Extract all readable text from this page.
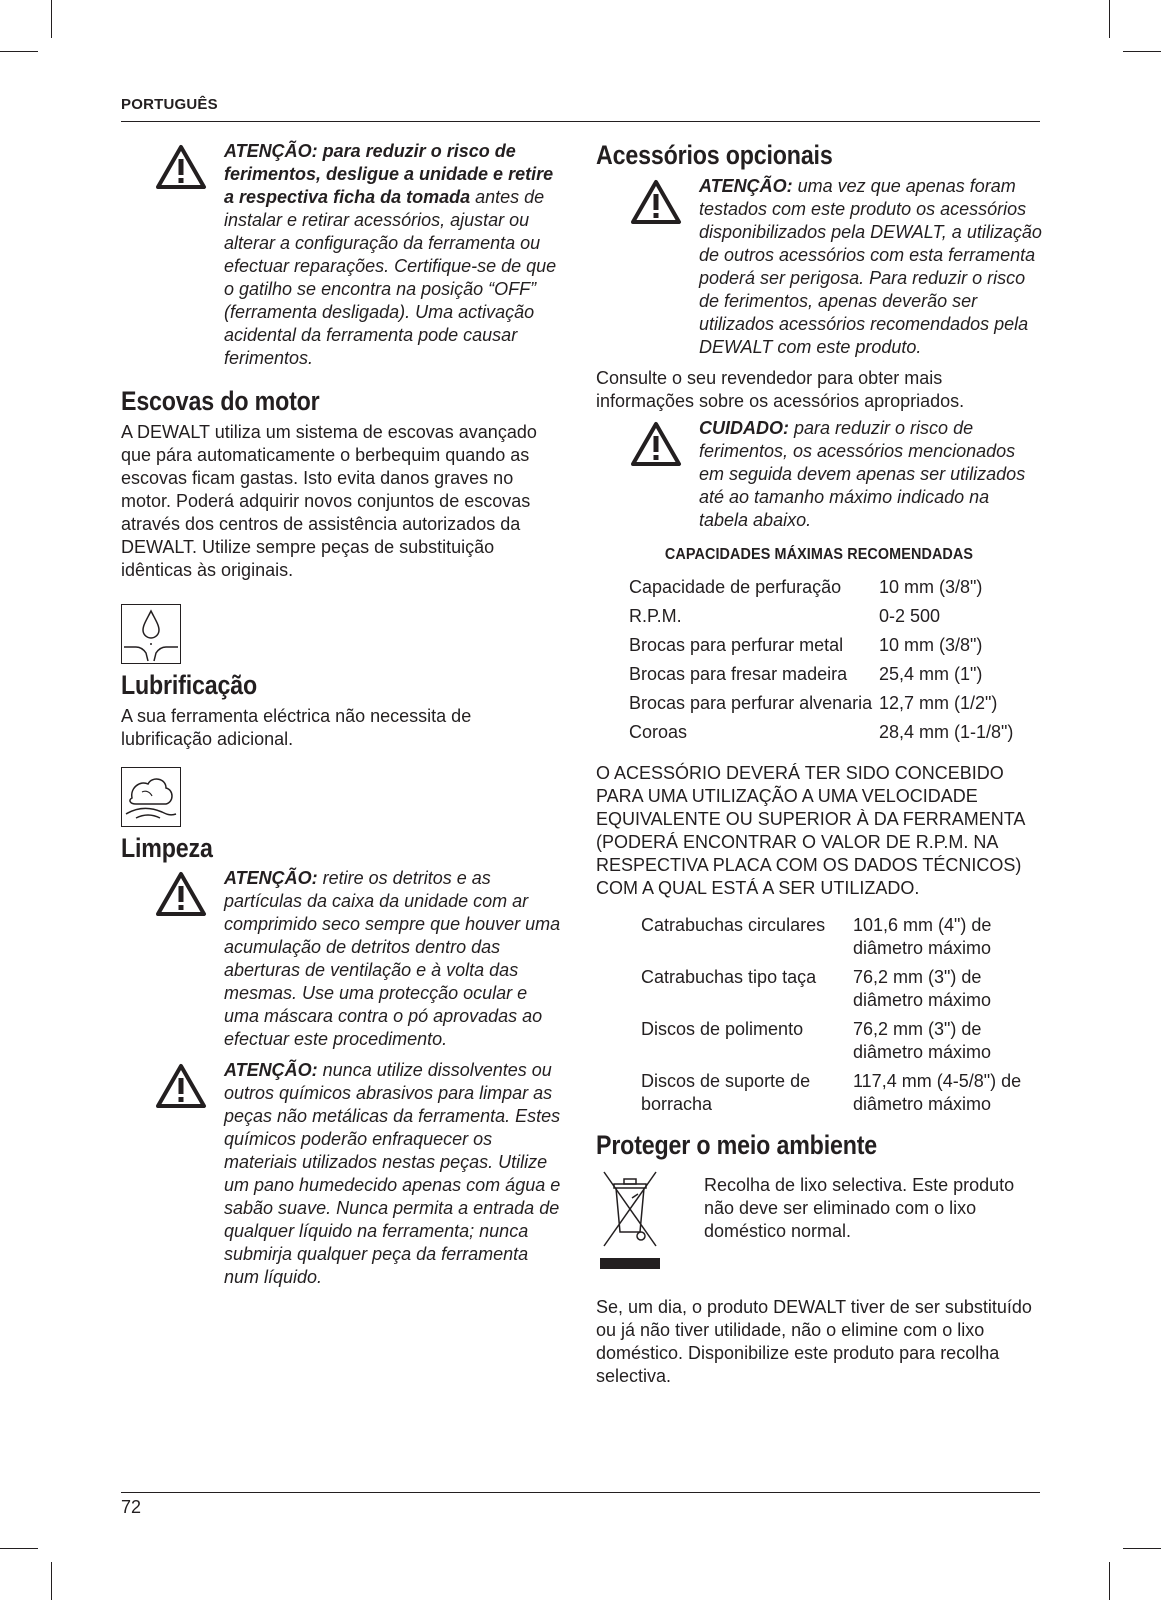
PORTUGUÊS

ATENÇÃO: para reduzir o risco de ferimentos, desligue a unidade e retire a respectiva ficha da tomada antes de instalar e retirar acessórios, ajustar ou alterar a configuração da ferramenta ou efectuar reparações. Certifique-se de que o gatilho se encontra na posição “OFF” (ferramenta desligada). Uma activação acidental da ferramenta pode causar ferimentos.

Escovas do motor

A DEWALT utiliza um sistema de escovas avançado que pára automaticamente o berbequim quando as escovas ficam gastas. Isto evita danos graves no motor. Poderá adquirir novos conjuntos de escovas através dos centros de assistência autorizados da DEWALT. Utilize sempre peças de substituição idênticas às originais.

Lubrificação

A sua ferramenta eléctrica não necessita de lubrificação adicional.

Limpeza

ATENÇÃO: retire os detritos e as partículas da caixa da unidade com ar comprimido seco sempre que houver uma acumulação de detritos dentro das aberturas de ventilação e à volta das mesmas. Use uma protecção ocular e uma máscara contra o pó aprovadas ao efectuar este procedimento.

ATENÇÃO: nunca utilize dissolventes ou outros químicos abrasivos para limpar as peças não metálicas da ferramenta. Estes químicos poderão enfraquecer os materiais utilizados nestas peças. Utilize um pano humedecido apenas com água e sabão suave. Nunca permita a entrada de qualquer líquido na ferramenta; nunca submirja qualquer peça da ferramenta num líquido.

Acessórios opcionais

ATENÇÃO: uma vez que apenas foram testados com este produto os acessórios disponibilizados pela DEWALT, a utilização de outros acessórios com esta ferramenta poderá ser perigosa. Para reduzir o risco de ferimentos, apenas deverão ser utilizados acessórios recomendados pela DEWALT com este produto.

Consulte o seu revendedor para obter mais informações sobre os acessórios apropriados.

CUIDADO: para reduzir o risco de ferimentos, os acessórios mencionados em seguida devem apenas ser utilizados até ao tamanho máximo indicado na tabela abaixo.

CAPACIDADES MÁXIMAS RECOMENDADAS
Capacidade de perfuração	10 mm (3/8")
R.P.M.	0-2 500
Brocas para perfurar metal	10 mm (3/8")
Brocas para fresar madeira	25,4 mm (1")
Brocas para perfurar alvenaria	12,7 mm (1/2")
Coroas	28,4 mm (1-1/8")

O ACESSÓRIO DEVERÁ TER SIDO CONCEBIDO PARA UMA UTILIZAÇÃO A UMA VELOCIDADE EQUIVALENTE OU SUPERIOR À DA FERRAMENTA (PODERÁ ENCONTRAR O VALOR DE R.P.M. NA RESPECTIVA PLACA COM OS DADOS TÉCNICOS) COM A QUAL ESTÁ A SER UTILIZADO.

Catrabuchas circulares	101,6 mm (4") de diâmetro máximo
Catrabuchas tipo taça	76,2 mm (3") de diâmetro máximo
Discos de polimento	76,2 mm (3") de diâmetro máximo
Discos de suporte de borracha	117,4 mm (4-5/8") de diâmetro máximo
Proteger o meio ambiente

Recolha de lixo selectiva. Este produto não deve ser eliminado com o lixo doméstico normal.

Se, um dia, o produto DEWALT tiver de ser substituído ou já não tiver utilidade, não o elimine com o lixo doméstico. Disponibilize este produto para recolha selectiva.

72
